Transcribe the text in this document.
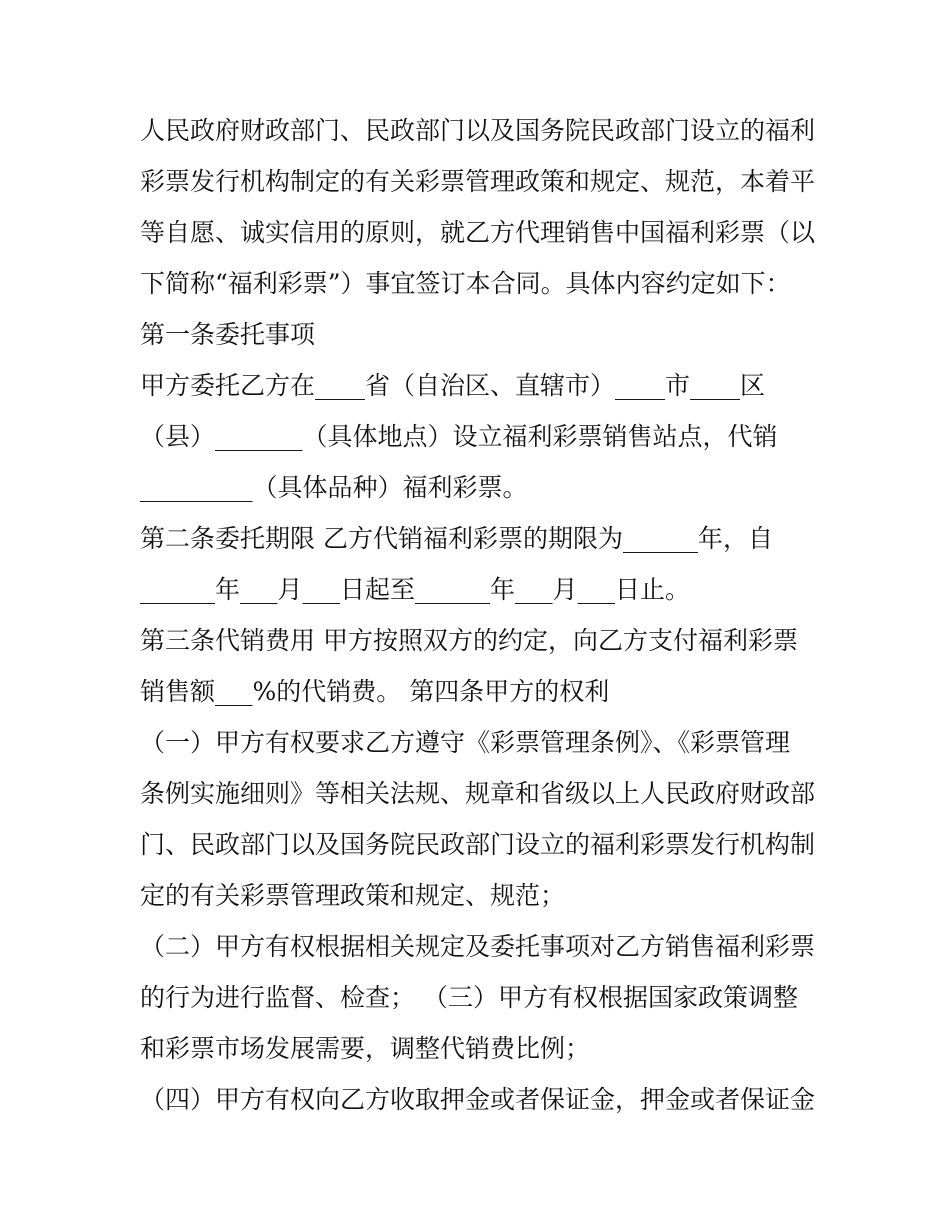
人民政府财政部门、民政部门以及国务院民政部门设立的福利

彩票发行机构制定的有关彩票管理政策和规定、规范，本着平

等自愿、诚实信用的原则，就乙方代理销售中国福利彩票（以

下简称“福利彩票”）事宜签订本合同。具体内容约定如下：

第一条委托事项

甲方委托乙方在____省（自治区、直辖市）____市____区

（县）_______（具体地点）设立福利彩票销售站点，代销

_________（具体品种）福利彩票。

第二条委托期限 乙方代销福利彩票的期限为______年，自

______年___月___日起至______年___月___日止。

第三条代销费用 甲方按照双方的约定，向乙方支付福利彩票

销售额___%的代销费。 第四条甲方的权利

（一）甲方有权要求乙方遵守《彩票管理条例》、《彩票管理

条例实施细则》等相关法规、规章和省级以上人民政府财政部

门、民政部门以及国务院民政部门设立的福利彩票发行机构制

定的有关彩票管理政策和规定、规范；

（二）甲方有权根据相关规定及委托事项对乙方销售福利彩票

的行为进行监督、检查； （三）甲方有权根据国家政策调整

和彩票市场发展需要，调整代销费比例；

（四）甲方有权向乙方收取押金或者保证金，押金或者保证金
